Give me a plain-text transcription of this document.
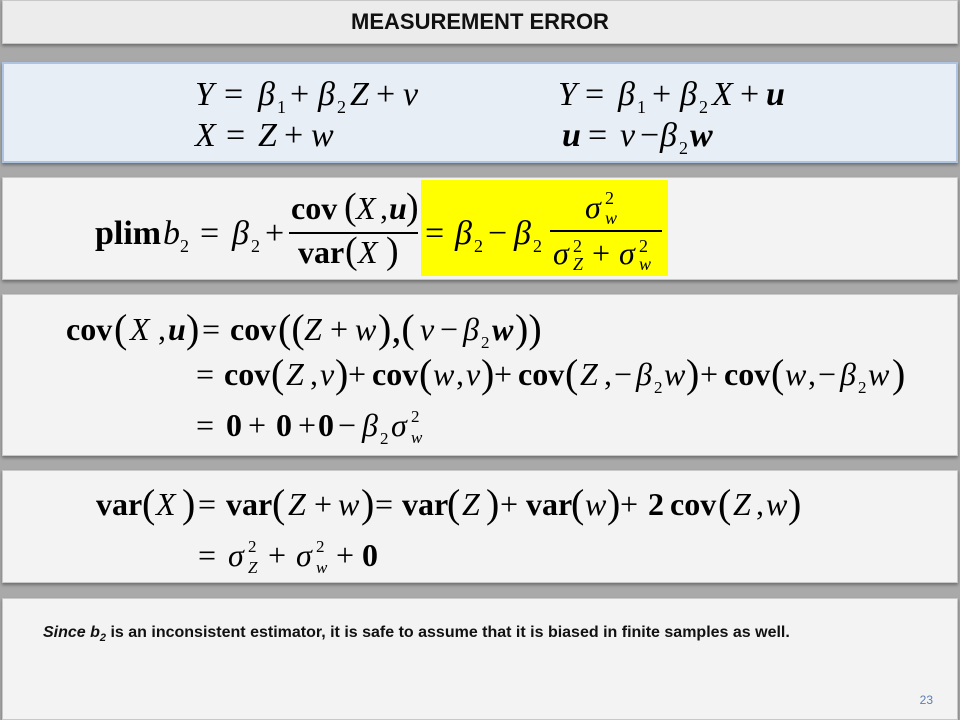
MEASUREMENT ERROR
Since $b_2$ is an inconsistent estimator, it is safe to assume that it is biased in finite samples as well.
23
Y = β 1 + β 2 Z + v
X = Z + w
Y = β 1 + β 2 X + u
u = v − β 2 w
plim b 2 = β 2 +
cov ( X , u )
var ( X ) = β 2 − β 2
σ 2
w
σ 2
Z + σ 2
w
cov ( X , u ) = cov (( Z + w ),( v − β 2 w ))
= cov ( Z , v ) + cov ( w , v ) + cov ( Z , − β 2 w ) + cov ( w , − β 2 w )
= 0 + 0 + 0 − β 2 σ 2
w
var ( X ) = var ( Z + w ) = var
( Z ) + var
( w ) + 2 cov ( Z , w )
= σ 2
Z + σ 2
w + 0
